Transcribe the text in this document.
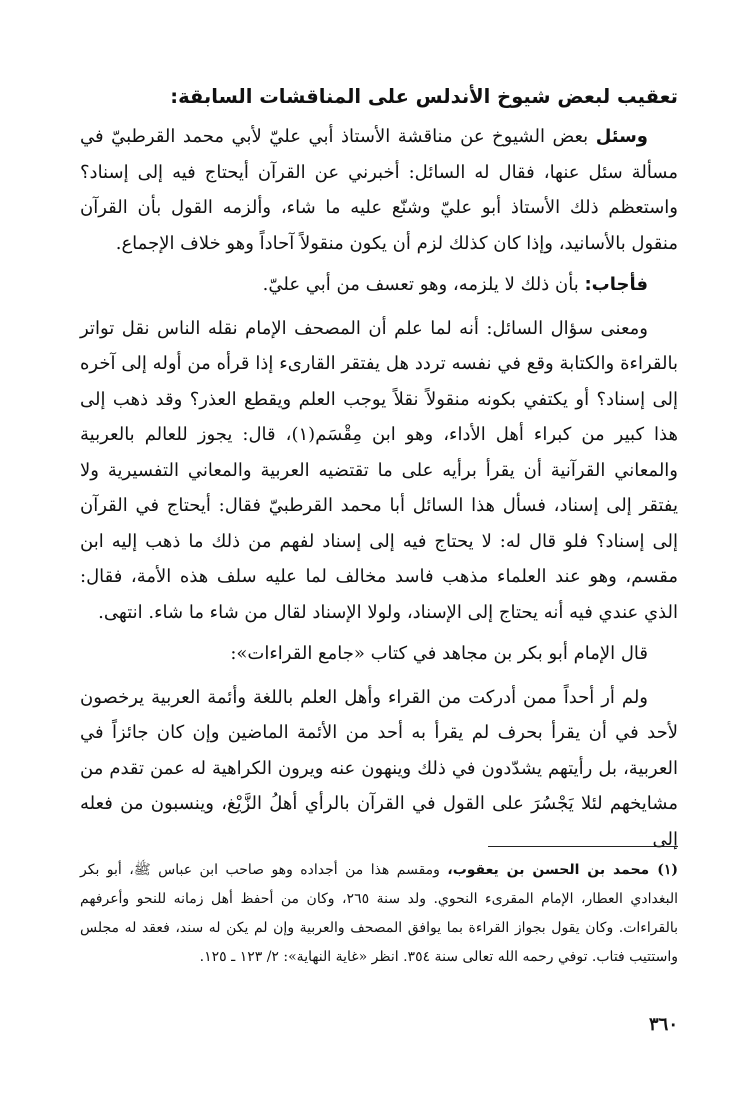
تعقيب لبعض شيوخ الأندلس على المناقشات السابقة:

وسئل بعض الشيوخ عن مناقشة الأستاذ أبي عليّ لأبي محمد القرطبيّ في مسألة سئل عنها، فقال له السائل: أخبرني عن القرآن أيحتاج فيه إلى إسناد؟ واستعظم ذلك الأستاذ أبو عليّ وشنّع عليه ما شاء، وألزمه القول بأن القرآن منقول بالأسانيد، وإذا كان كذلك لزم أن يكون منقولاً آحاداً وهو خلاف الإجماع.

فأجاب: بأن ذلك لا يلزمه، وهو تعسف من أبي عليّ.

ومعنى سؤال السائل: أنه لما علم أن المصحف الإمام نقله الناس نقل تواتر بالقراءة والكتابة وقع في نفسه تردد هل يفتقر القارىء إذا قرأه من أوله إلى آخره إلى إسناد؟ أو يكتفي بكونه منقولاً نقلاً يوجب العلم ويقطع العذر؟ وقد ذهب إلى هذا كبير من كبراء أهل الأداء، وهو ابن مِقْسَم(١)، قال: يجوز للعالم بالعربية والمعاني القرآنية أن يقرأ برأيه على ما تقتضيه العربية والمعاني التفسيرية ولا يفتقر إلى إسناد، فسأل هذا السائل أبا محمد القرطبيّ فقال: أيحتاج في القرآن إلى إسناد؟ فلو قال له: لا يحتاج فيه إلى إسناد لفهم من ذلك ما ذهب إليه ابن مقسم، وهو عند العلماء مذهب فاسد مخالف لما عليه سلف هذه الأمة، فقال: الذي عندي فيه أنه يحتاج إلى الإسناد، ولولا الإسناد لقال من شاء ما شاء. انتهى.

قال الإمام أبو بكر بن مجاهد في كتاب «جامع القراءات»:

ولم أر أحداً ممن أدركت من القراء وأهل العلم باللغة وأئمة العربية يرخصون لأحد في أن يقرأ بحرف لم يقرأ به أحد من الأئمة الماضين وإن كان جائزاً في العربية، بل رأيتهم يشدّدون في ذلك وينهون عنه ويرون الكراهية له عمن تقدم من مشايخهم لئلا يَجْسُرَ على القول في القرآن بالرأي أهلُ الزَّيْغ، وينسبون من فعله إلى

(١)محمد بن الحسن بن يعقوب، ومقسم هذا من أجداده وهو صاحب ابن عباس ﷺ، أبو بكر البغدادي العطار، الإمام المقرىء النحوي. ولد سنة ٢٦٥، وكان من أحفظ أهل زمانه للنحو وأعرفهم بالقراءات. وكان يقول بجواز القراءة بما يوافق المصحف والعربية وإن لم يكن له سند، فعقد له مجلس واستتيب فتاب. توفي رحمه الله تعالى سنة ٣٥٤. انظر «غاية النهاية»: ٢/ ١٢٣ ـ ١٢٥.
٣٦٠
